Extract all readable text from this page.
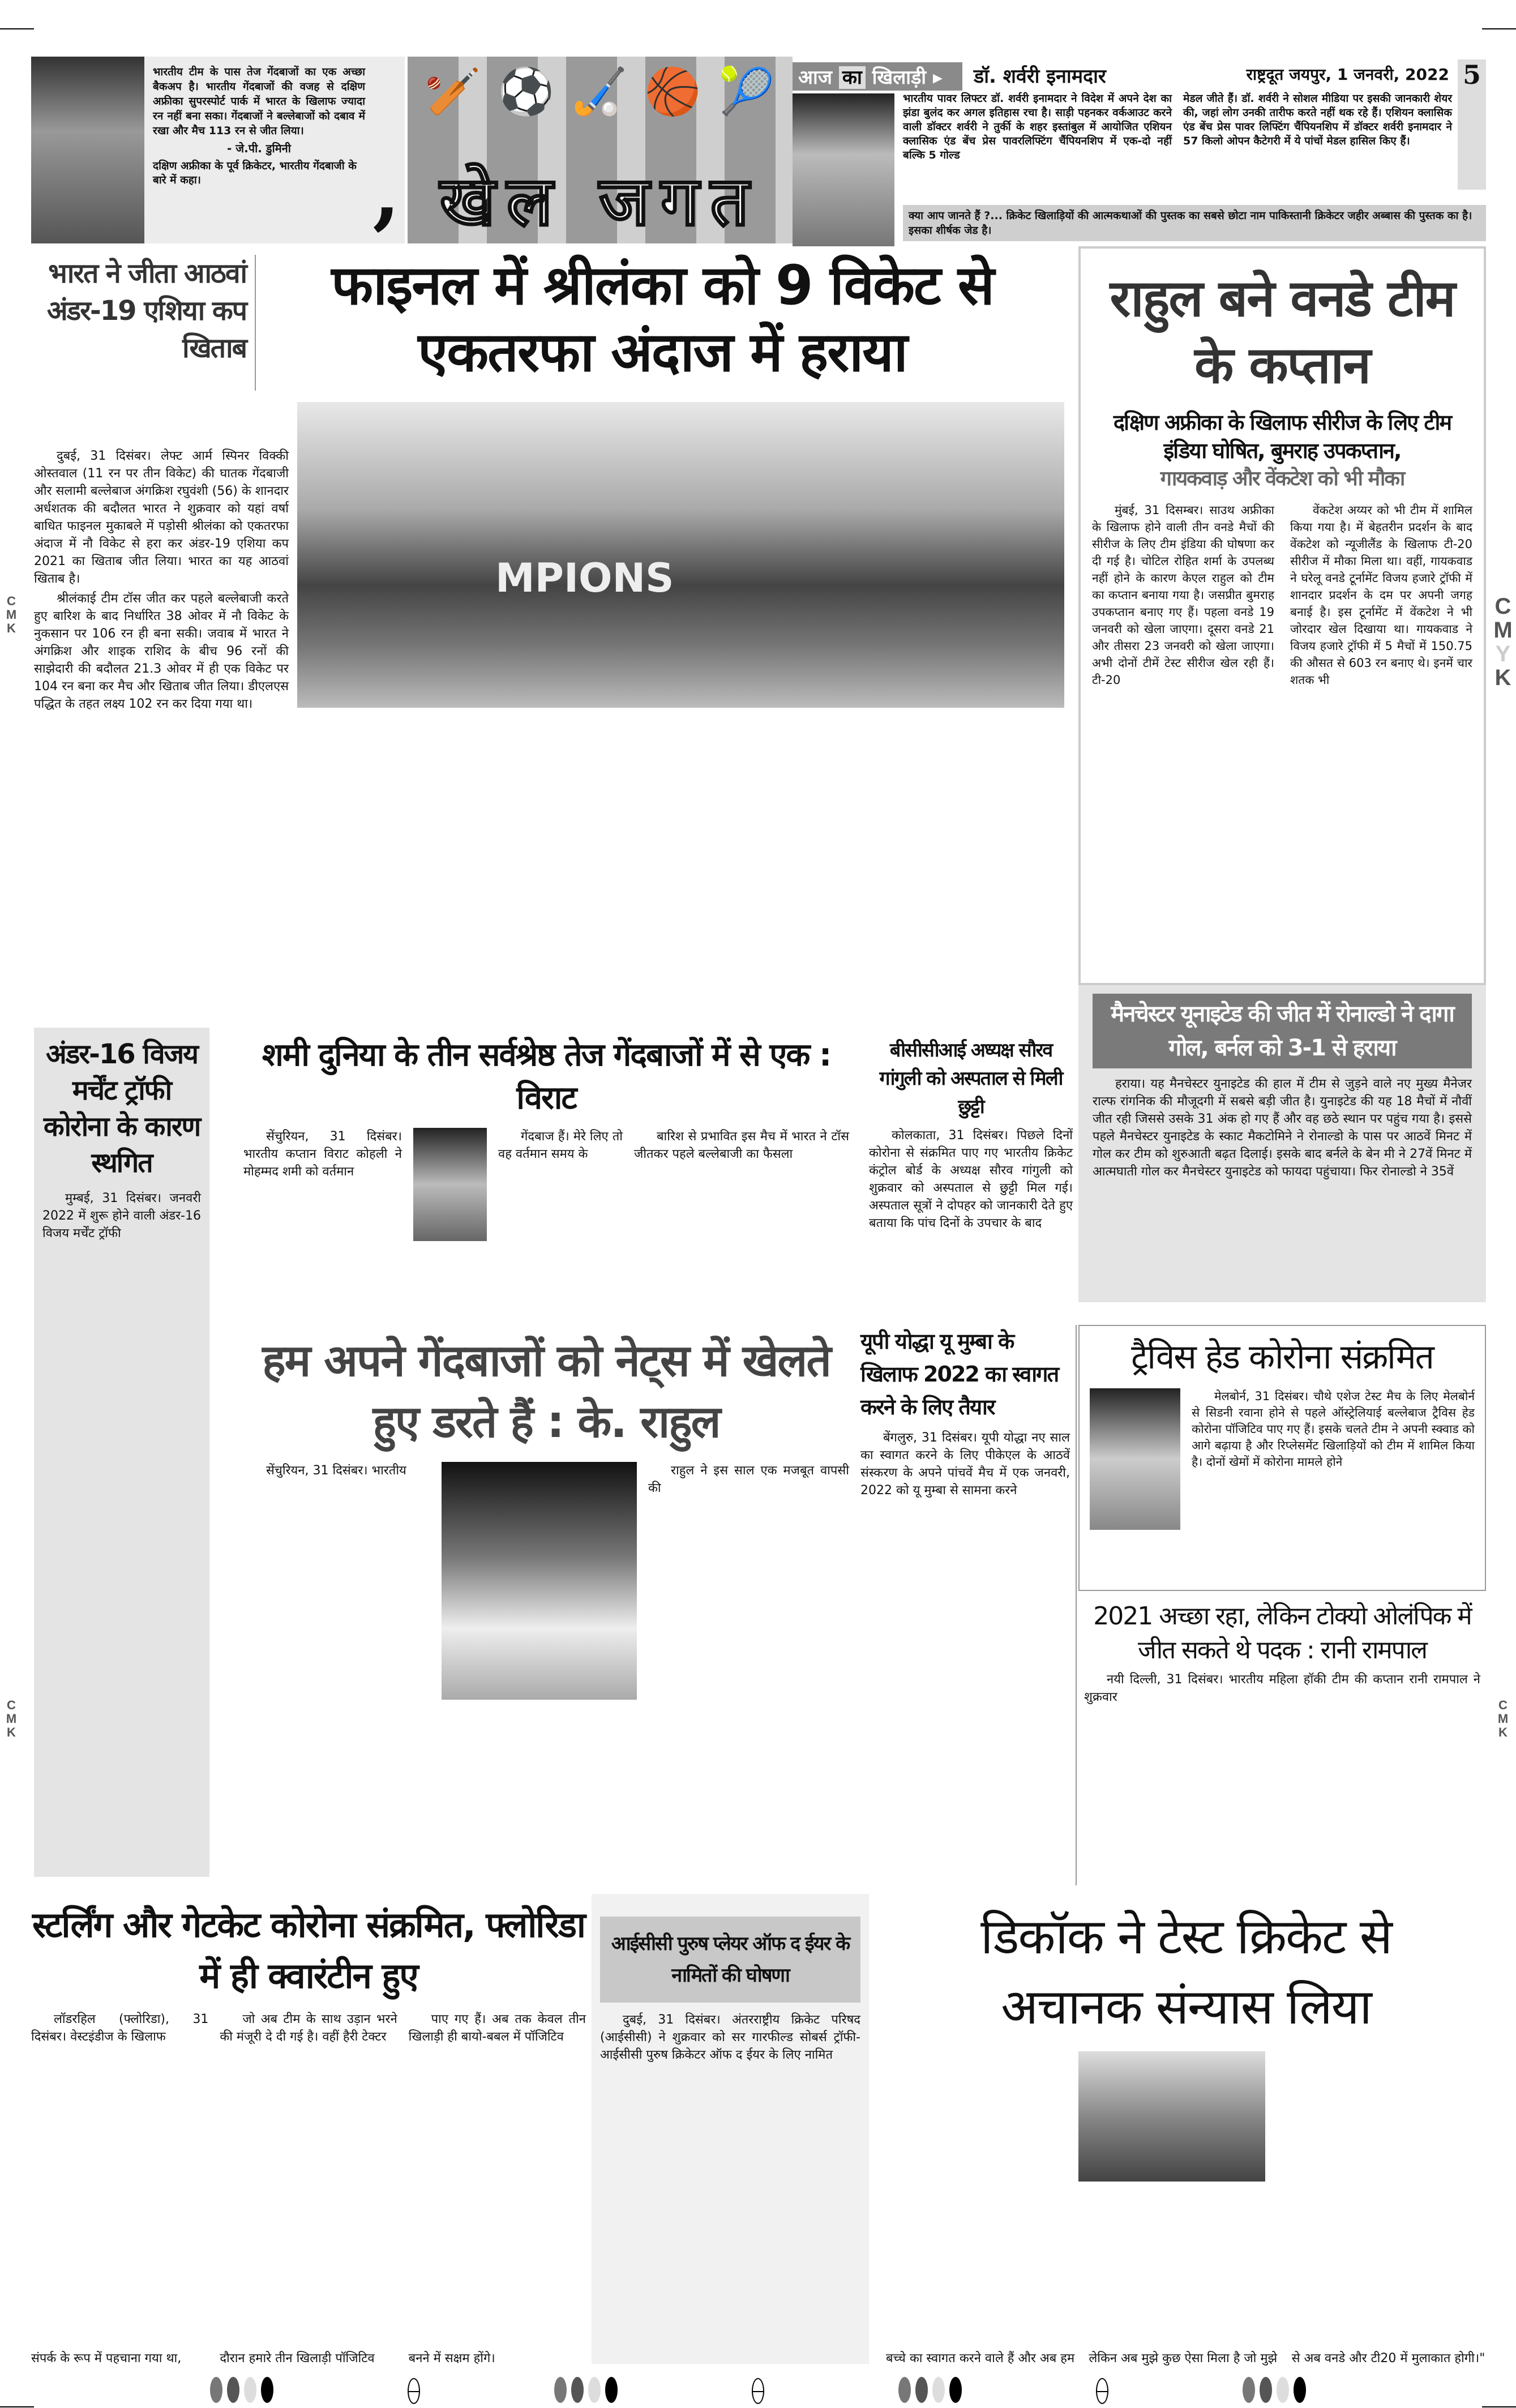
भारतीय टीम के पास तेज गेंदबाजों का एक अच्छा बैकअप है। भारतीय गेंदबाजों की वजह से दक्षिण अफ्रीका सुपरस्पोर्ट पार्क में भारत के खिलाफ ज्यादा रन नहीं बना सका। गेंदबाजों ने बल्लेबाजों को दबाव में रखा और मैच 113 रन से जीत लिया।
- जे.पी. डुमिनी
दक्षिण अफ्रीका के पूर्व क्रिकेटर, भारतीय गेंदबाजी के बारे में कहा।	,
🏏⚽🏑🏀🎾
खेल जगत
आज का खिलाड़ी ▸	डॉ. शर्वरी इनामदार	राष्ट्रदूत जयपुर, 1 जनवरी, 2022 5
भारतीय पावर लिफ्टर डॉ. शर्वरी इनामदार ने विदेश में अपने देश का झंडा बुलंद कर अगल इतिहास रचा है। साड़ी पहनकर वर्कआउट करने वाली डॉक्टर शर्वरी ने तुर्की के शहर इस्तांबुल में आयोजित एशियन क्लासिक एंड बेंच प्रेस पावरलिफ्टिंग चैंपियनशिप में एक-दो नहीं बल्कि 5 गोल्ड
मेडल जीते हैं। डॉ. शर्वरी ने सोशल मीडिया पर इसकी जानकारी शेयर की, जहां लोग उनकी तारीफ करते नहीं थक रहे हैं। एशियन क्लासिक एंड बेंच प्रेस पावर लिफ्टिंग चैंपियनशिप में डॉक्टर शर्वरी इनामदार ने 57 किलो ओपन कैटेगरी में ये पांचों मेडल हासिल किए हैं।
क्या आप जानते हैं ?... क्रिकेट खिलाड़ियों की आत्मकथाओं की पुस्तक का सबसे छोटा नाम पाकिस्तानी क्रिकेटर जहीर अब्बास की पुस्तक का है। इसका शीर्षक जेड है।
भारत ने जीता आठवां अंडर-19 एशिया कप खिताब
फाइनल में श्रीलंका को 9 विकेट से एकतरफा अंदाज में हराया
MPIONS

दुबई, 31 दिसंबर। लेफ्ट आर्म स्पिनर विक्की ओस्तवाल (11 रन पर तीन विकेट) की घातक गेंदबाजी और सलामी बल्लेबाज अंगक्रिश रघुवंशी (56) के शानदार अर्धशतक की बदौलत भारत ने शुक्रवार को यहां वर्षा बाधित फाइनल मुकाबले में पड़ोसी श्रीलंका को एकतरफा अंदाज में नौ विकेट से हरा कर अंडर-19 एशिया कप 2021 का खिताब जीत लिया। भारत का यह आठवां खिताब है।

श्रीलंकाई टीम टॉस जीत कर पहले बल्लेबाजी करते हुए बारिश के बाद निर्धारित 38 ओवर में नौ विकेट के नुकसान पर 106 रन ही बना सकी। जवाब में भारत ने अंगक्रिश और शाइक राशिद के बीच 96 रनों की साझेदारी की बदौलत 21.3 ओवर में ही एक विकेट पर 104 रन बना कर मैच और खिताब जीत लिया। डीएलएस पद्धित के तहत लक्ष्य 102 रन कर दिया गया था।

राहुल बने वनडे टीम के कप्तान
दक्षिण अफ्रीका के खिलाफ सीरीज के लिए टीम इंडिया घोषित, बुमराह उपकप्तान,
गायकवाड़ और वेंकटेश को भी मौका

मुंबई, 31 दिसम्बर। साउथ अफ्रीका के खिलाफ होने वाली तीन वनडे मैचों की सीरीज के लिए टीम इंडिया की घोषणा कर दी गई है। चोटिल रोहित शर्मा के उपलब्ध नहीं होने के कारण केएल राहुल को टीम का कप्तान बनाया गया है। जसप्रीत बुमराह उपकप्तान बनाए गए हैं। पहला वनडे 19 जनवरी को खेला जाएगा। दूसरा वनडे 21 और तीसरा 23 जनवरी को खेला जाएगा। अभी दोनों टीमें टेस्ट सीरीज खेल रही हैं। टी-20

वेंकटेश अय्यर को भी टीम में शामिल किया गया है। में बेहतरीन प्रदर्शन के बाद वेंकटेश को न्यूजीलैंड के खिलाफ टी-20 सीरीज में मौका मिला था। वहीं, गायकवाड ने घरेलू वनडे टूर्नामेंट विजय हजारे ट्रॉफी में शानदार प्रदर्शन के दम पर अपनी जगह बनाई है। इस टूर्नामेंट में वेंकटेश ने भी जोरदार खेल दिखाया था। गायकवाड ने विजय हजारे ट्रॉफी में 5 मैचों में 150.75 की औसत से 603 रन बनाए थे। इनमें चार शतक भी

C
M
Y
K
C
M
K
अंडर-16 विजय मर्चेंट ट्रॉफी कोरोना के कारण स्थगित

मुम्बई, 31 दिसंबर। जनवरी 2022 में शुरू होने वाली अंडर-16 विजय मर्चेंट ट्रॉफी

शमी दुनिया के तीन सर्वश्रेष्ठ तेज गेंदबाजों में से एक : विराट

सेंचुरियन, 31 दिसंबर। भारतीय कप्तान विराट कोहली ने मोहम्मद शमी को वर्तमान

गेंदबाज हैं। मेरे लिए तो वह वर्तमान समय के

बारिश से प्रभावित इस मैच में भारत ने टॉस जीतकर पहले बल्लेबाजी का फैसला

बीसीसीआई अध्यक्ष सौरव गांगुली को अस्पताल से मिली छुट्टी

कोलकाता, 31 दिसंबर। पिछले दिनों कोरोना से संक्रमित पाए गए भारतीय क्रिकेट कंट्रोल बोर्ड के अध्यक्ष सौरव गांगुली को शुक्रवार को अस्पताल से छुट्टी मिल गई। अस्पताल सूत्रों ने दोपहर को जानकारी देते हुए बताया कि पांच दिनों के उपचार के बाद

मैनचेस्टर यूनाइटेड की जीत में रोनाल्डो ने दागा गोल, बर्नल को 3-1 से हराया

हराया। यह मैनचेस्टर युनाइटेड की हाल में टीम से जुड़ने वाले नए मुख्य मैनेजर राल्फ रांगनिक की मौजूदगी में सबसे बड़ी जीत है। युनाइटेड की यह 18 मैचों में नौवीं जीत रही जिससे उसके 31 अंक हो गए हैं और वह छठे स्थान पर पहुंच गया है। इससे पहले मैनचेस्टर युनाइटेड के स्काट मैकटोमिने ने रोनाल्डो के पास पर आठवें मिनट में गोल कर टीम को शुरुआती बढ़त दिलाई। इसके बाद बर्नले के बेन मी ने 27वें मिनट में आत्मघाती गोल कर मैनचेस्टर युनाइटेड को फायदा पहुंचाया। फिर रोनाल्डो ने 35वें

हम अपने गेंदबाजों को नेट्स में खेलते हुए डरते हैं : के. राहुल

सेंचुरियन, 31 दिसंबर। भारतीय	राहुल ने इस साल एक मजबूत वापसी की

यूपी योद्धा यू मुम्बा के खिलाफ 2022 का स्वागत करने के लिए तैयार

बेंगलुरु, 31 दिसंबर। यूपी योद्धा नए साल का स्वागत करने के लिए पीकेएल के आठवें संस्करण के अपने पांचवें मैच में एक जनवरी, 2022 को यू मुम्बा से सामना करने

ट्रैविस हेड कोरोना संक्रमित

मेलबोर्न, 31 दिसंबर। चौथे एशेज टेस्ट मैच के लिए मेलबोर्न से सिडनी रवाना होने से पहले ऑस्ट्रेलियाई बल्लेबाज ट्रैविस हेड कोरोना पॉजिटिव पाए गए हैं। इसके चलते टीम ने अपनी स्क्वाड को आगे बढ़ाया है और रिप्लेसमेंट खिलाड़ियों को टीम में शामिल किया है। दोनों खेमों में कोरोना मामले होने

2021 अच्छा रहा, लेकिन टोक्यो ओलंपिक में जीत सकते थे पदक : रानी रामपाल

नयी दिल्ली, 31 दिसंबर। भारतीय महिला हॉकी टीम की कप्तान रानी रामपाल ने शुक्रवार

C
M
K
C
M
K
स्टर्लिंग और गेटकेट कोरोना संक्रमित, फ्लोरिडा में ही क्वारंटीन हुए

लॉडरहिल (फ्लोरिडा), 31 दिसंबर। वेस्टइंडीज के खिलाफ

जो अब टीम के साथ उड़ान भरने की मंजूरी दे दी गई है। वहीं हैरी टेक्टर

पाए गए हैं। अब तक केवल तीन खिलाड़ी ही बायो-बबल में पॉजिटिव

संपर्क के रूप में पहचाना गया था,	दौरान हमारे तीन खिलाड़ी पॉजिटिव	बनने में सक्षम होंगे।
आईसीसी पुरुष प्लेयर ऑफ द ईयर के नामितों की घोषणा

दुबई, 31 दिसंबर। अंतरराष्ट्रीय क्रिकेट परिषद (आईसीसी) ने शुक्रवार को सर गारफील्ड सोबर्स ट्रॉफी-आईसीसी पुरुष क्रिकेटर ऑफ द ईयर के लिए नामित

डिकॉक ने टेस्ट क्रिकेट से अचानक संन्यास लिया
बच्चे का स्वागत करने वाले हैं और अब हम	लेकिन अब मुझे कुछ ऐसा मिला है जो मुझे	से अब वनडे और टी20 में मुलाकात होगी।"
